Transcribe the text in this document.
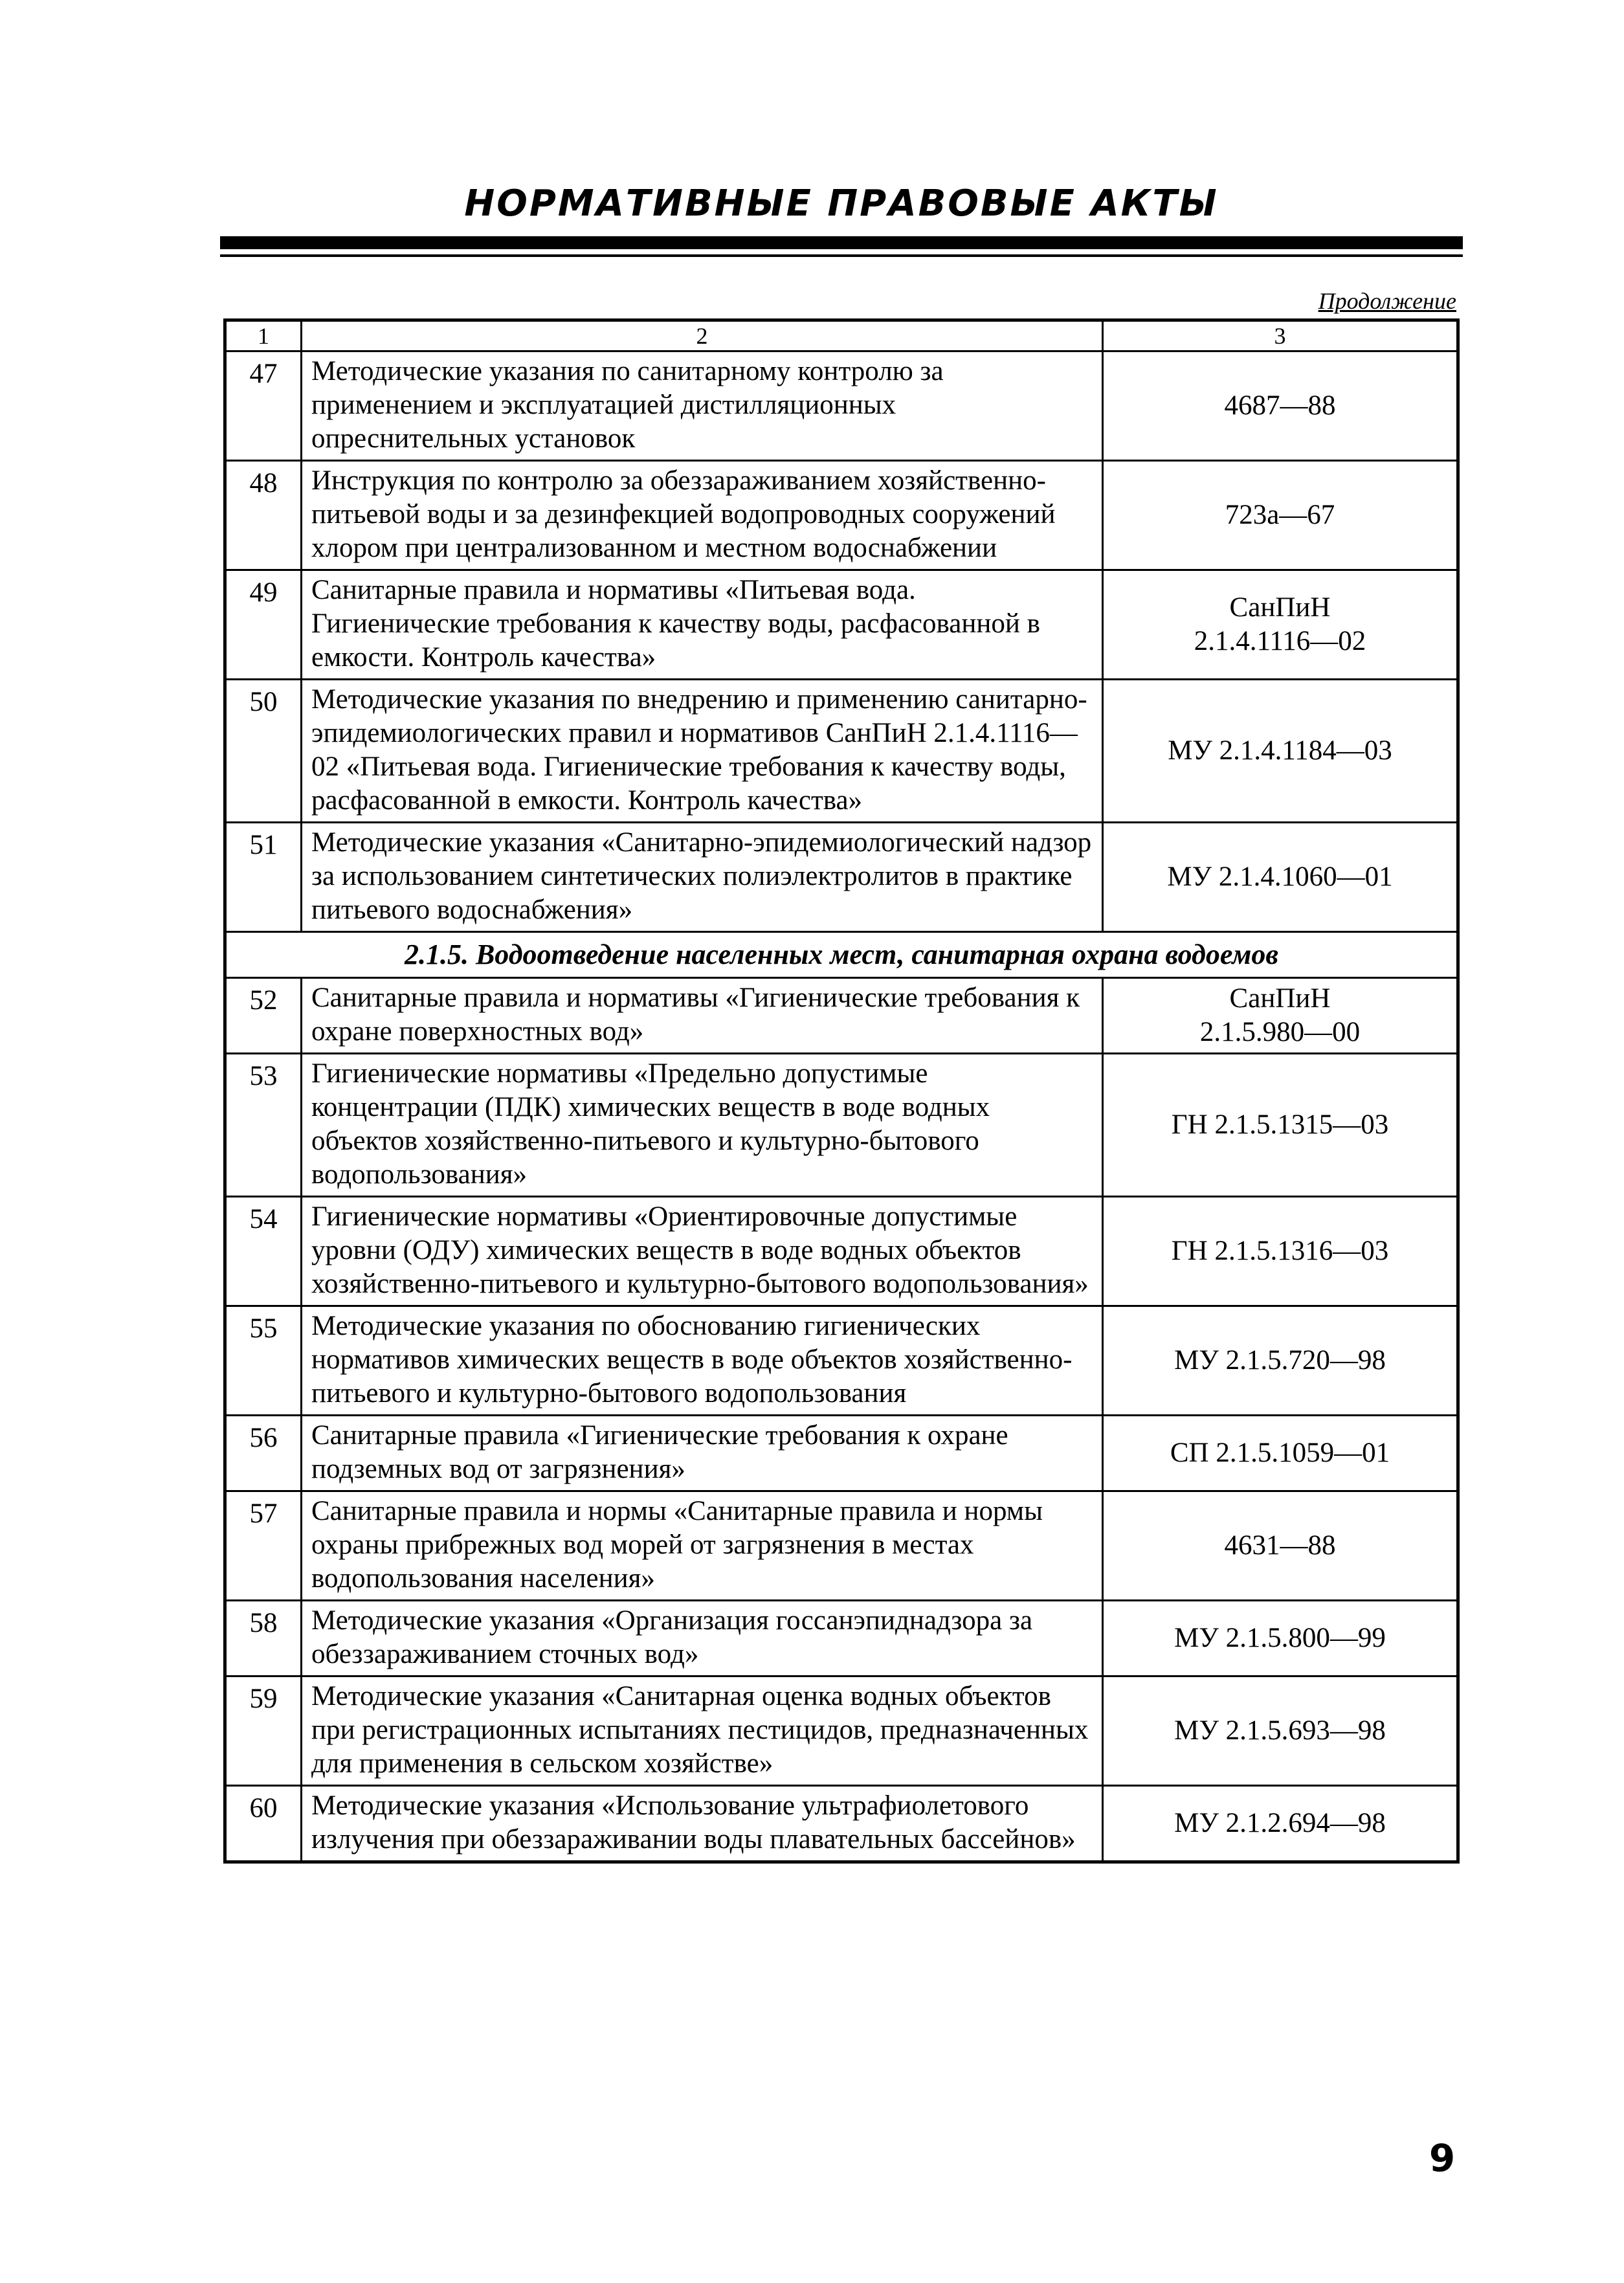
НОРМАТИВНЫЕ ПРАВОВЫЕ АКТЫ
Продолжение
1	2	3
47	Методические указания по санитарному контролю за применением и эксплуатацией дистилляционных опреснительных установок	4687—88

48	Инструкция по контролю за обеззараживанием хозяйственно-питьевой воды и за дезинфекцией водопроводных сооружений хлором при централизованном и местном водоснабжении	723а—67

49	Санитарные правила и нормативы «Питьевая вода. Гигиенические требования к качеству воды, расфасованной в емкости. Контроль качества»	СанПиН
2.1.4.1116—02

50	Методические указания по внедрению и применению санитарно-эпидемиологических правил и нормативов СанПиН 2.1.4.1116—02 «Питьевая вода. Гигиенические требования к качеству воды, расфасованной в емкости. Контроль качества»	МУ 2.1.4.1184—03

51	Методические указания «Санитарно-эпидемиологический надзор за использованием синтетических полиэлектролитов в практике питьевого водоснабжения»	МУ 2.1.4.1060—01

2.1.5. Водоотведение населенных мест, санитарная охрана водоемов		
52	Санитарные правила и нормативы «Гигиенические требования к охране поверхностных вод»	СанПиН
2.1.5.980—00

53	Гигиенические нормативы «Предельно допустимые концентрации (ПДК) химических веществ в воде водных объектов хозяйственно-питьевого и культурно-бытового водопользования»	ГН 2.1.5.1315—03

54	Гигиенические нормативы «Ориентировочные допустимые уровни (ОДУ) химических веществ в воде водных объектов хозяйственно-питьевого и культурно-бытового водопользования»	ГН 2.1.5.1316—03

55	Методические указания по обоснованию гигиенических нормативов химических веществ в воде объектов хозяйственно-питьевого и культурно-бытового водопользования	МУ 2.1.5.720—98

56	Санитарные правила «Гигиенические требования к охране подземных вод от загрязнения»	СП 2.1.5.1059—01

57	Санитарные правила и нормы «Санитарные правила и нормы охраны прибрежных вод морей от загрязнения в местах водопользования населения»	4631—88

58	Методические указания «Организация госсанэпиднадзора за обеззараживанием сточных вод»	МУ 2.1.5.800—99

59	Методические указания «Санитарная оценка водных объектов при регистрационных испытаниях пестицидов, предназначенных для применения в сельском хозяйстве»	МУ 2.1.5.693—98

60	Методические указания «Использование ультрафиолетового излучения при обеззараживании воды плавательных бассейнов»	МУ 2.1.2.694—98
9
